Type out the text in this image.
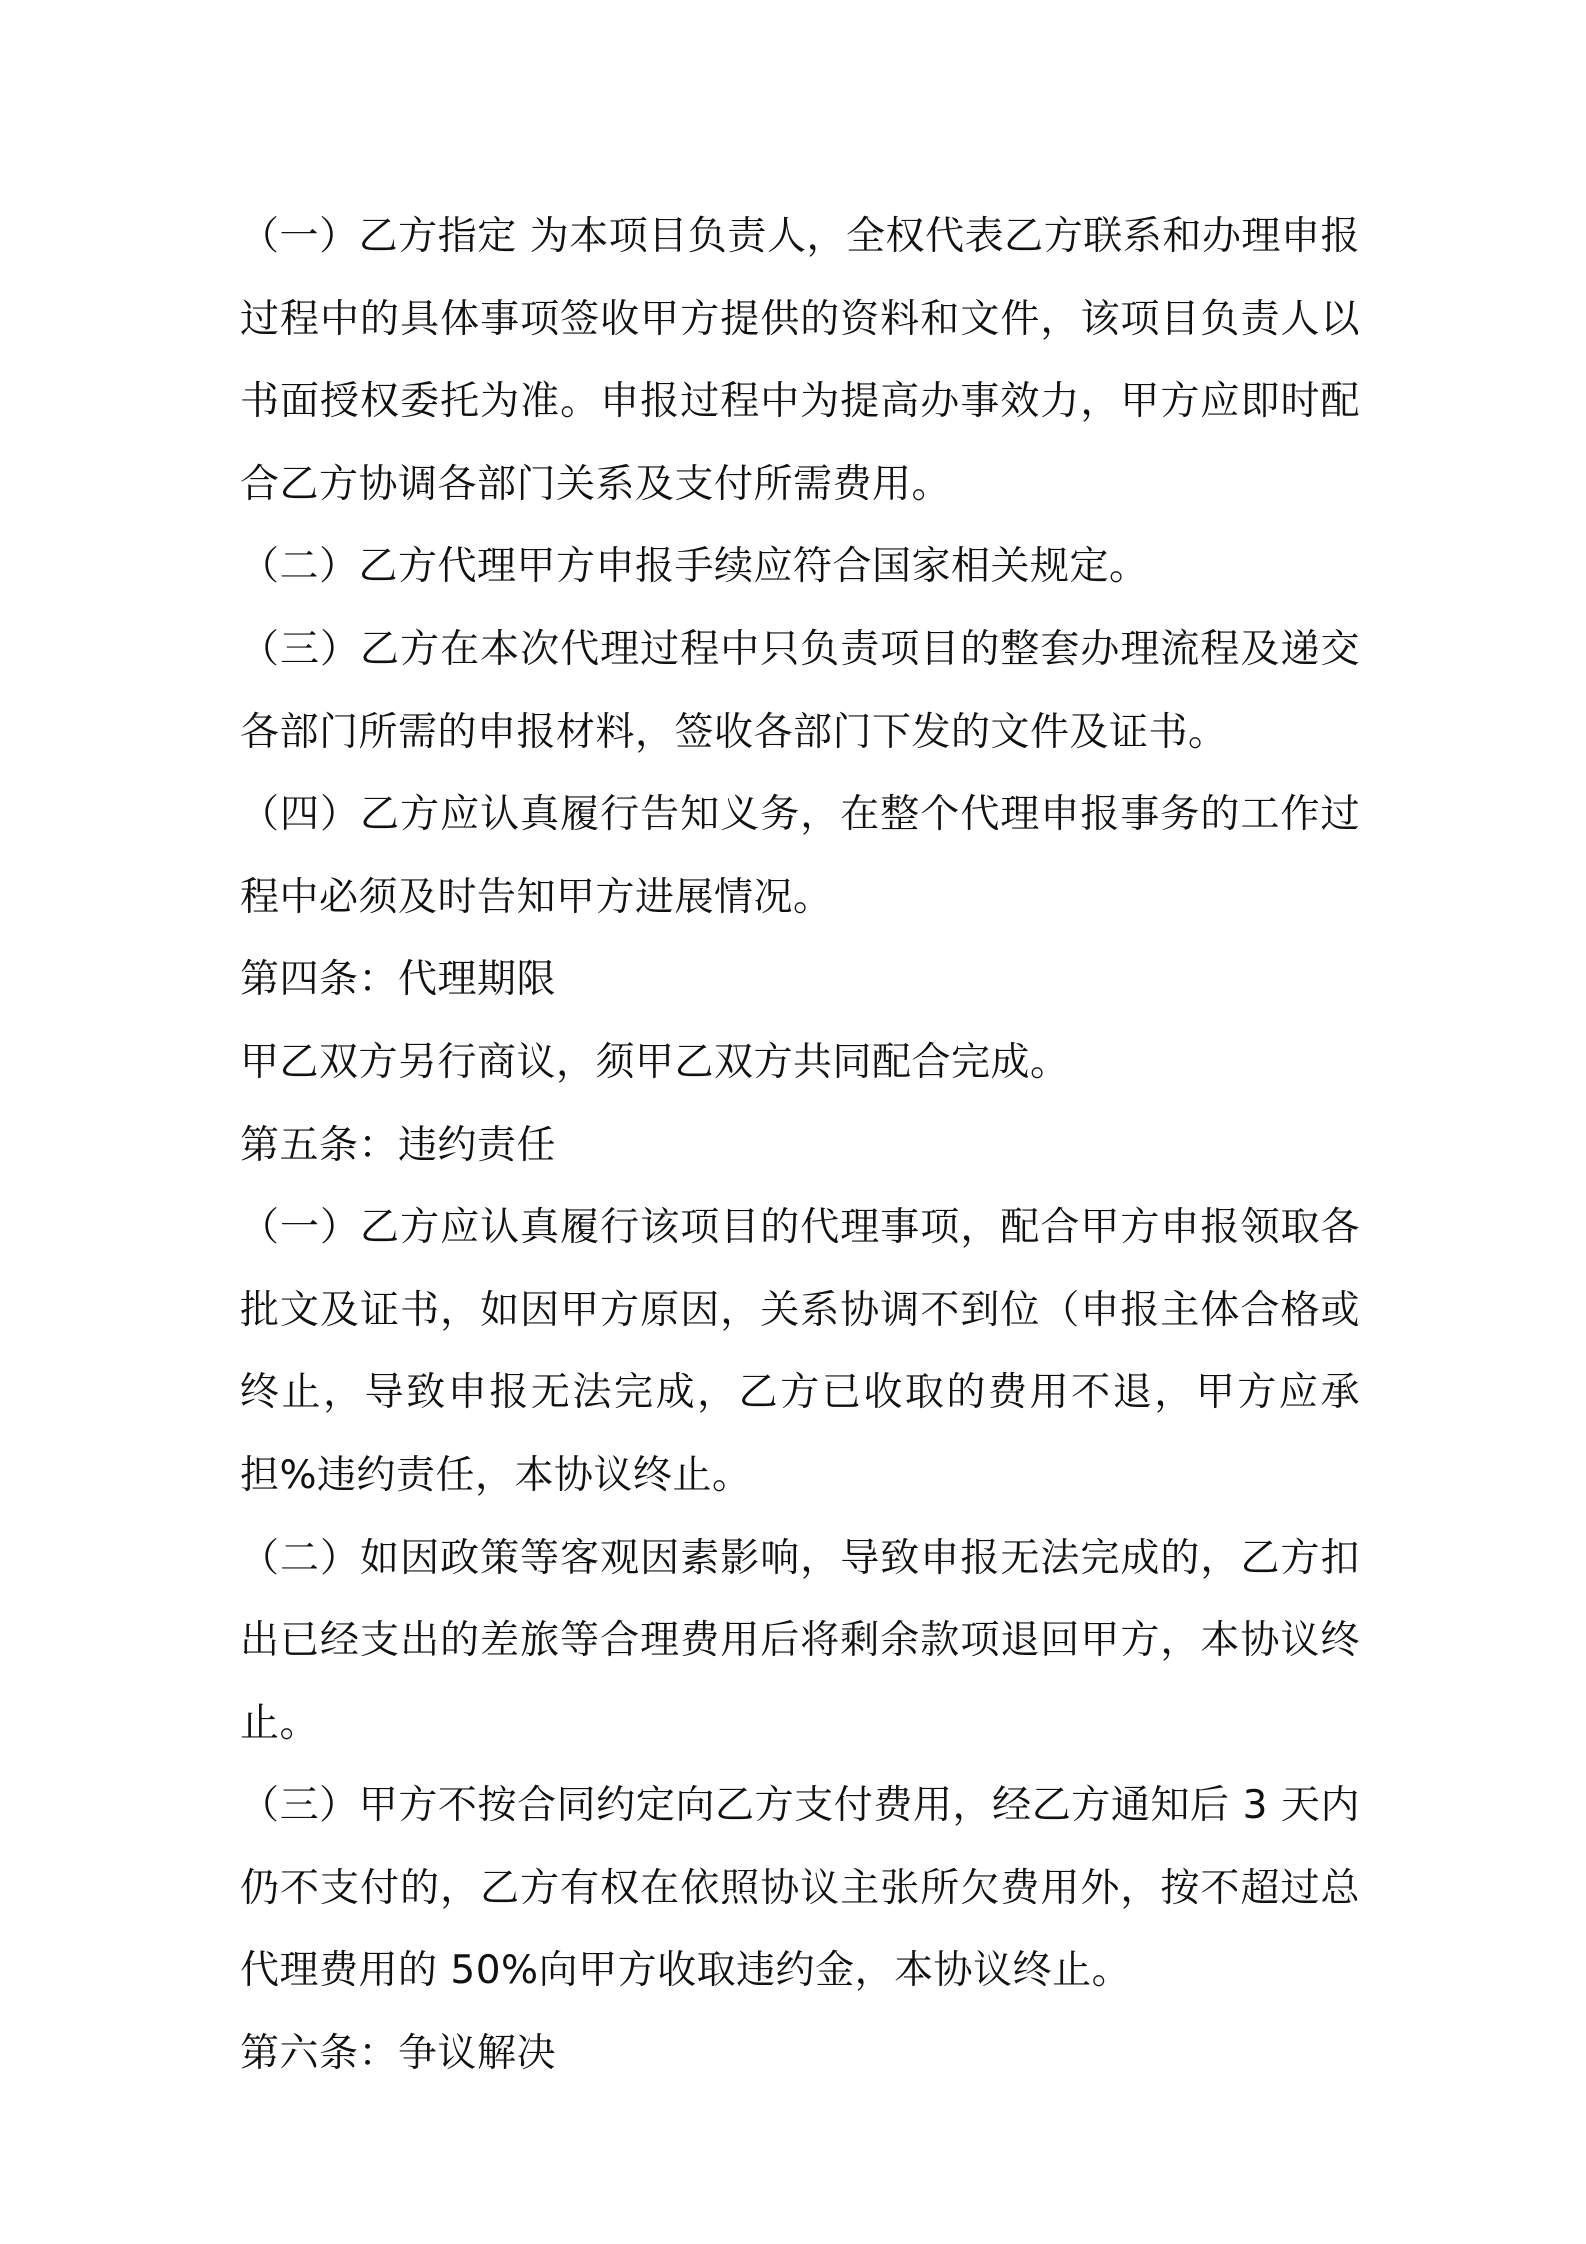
（一）乙方指定 为本项目负责人，全权代表乙方联系和办理申报过程中的具体事项签收甲方提供的资料和文件，该项目负责人以书面授权委托为准。申报过程中为提高办事效力，甲方应即时配合乙方协调各部门关系及支付所需费用。

（二）乙方代理甲方申报手续应符合国家相关规定。

（三）乙方在本次代理过程中只负责项目的整套办理流程及递交各部门所需的申报材料，签收各部门下发的文件及证书。

（四）乙方应认真履行告知义务，在整个代理申报事务的工作过程中必须及时告知甲方进展情况。

第四条：代理期限

甲乙双方另行商议，须甲乙双方共同配合完成。

第五条：违约责任

（一）乙方应认真履行该项目的代理事项，配合甲方申报领取各批文及证书，如因甲方原因，关系协调不到位（申报主体合格或终止，导致申报无法完成，乙方已收取的费用不退，甲方应承担%违约责任，本协议终止。

（二）如因政策等客观因素影响，导致申报无法完成的，乙方扣出已经支出的差旅等合理费用后将剩余款项退回甲方，本协议终止。

（三）甲方不按合同约定向乙方支付费用，经乙方通知后 3 天内仍不支付的，乙方有权在依照协议主张所欠费用外，按不超过总代理费用的 50%向甲方收取违约金，本协议终止。

第六条：争议解决
